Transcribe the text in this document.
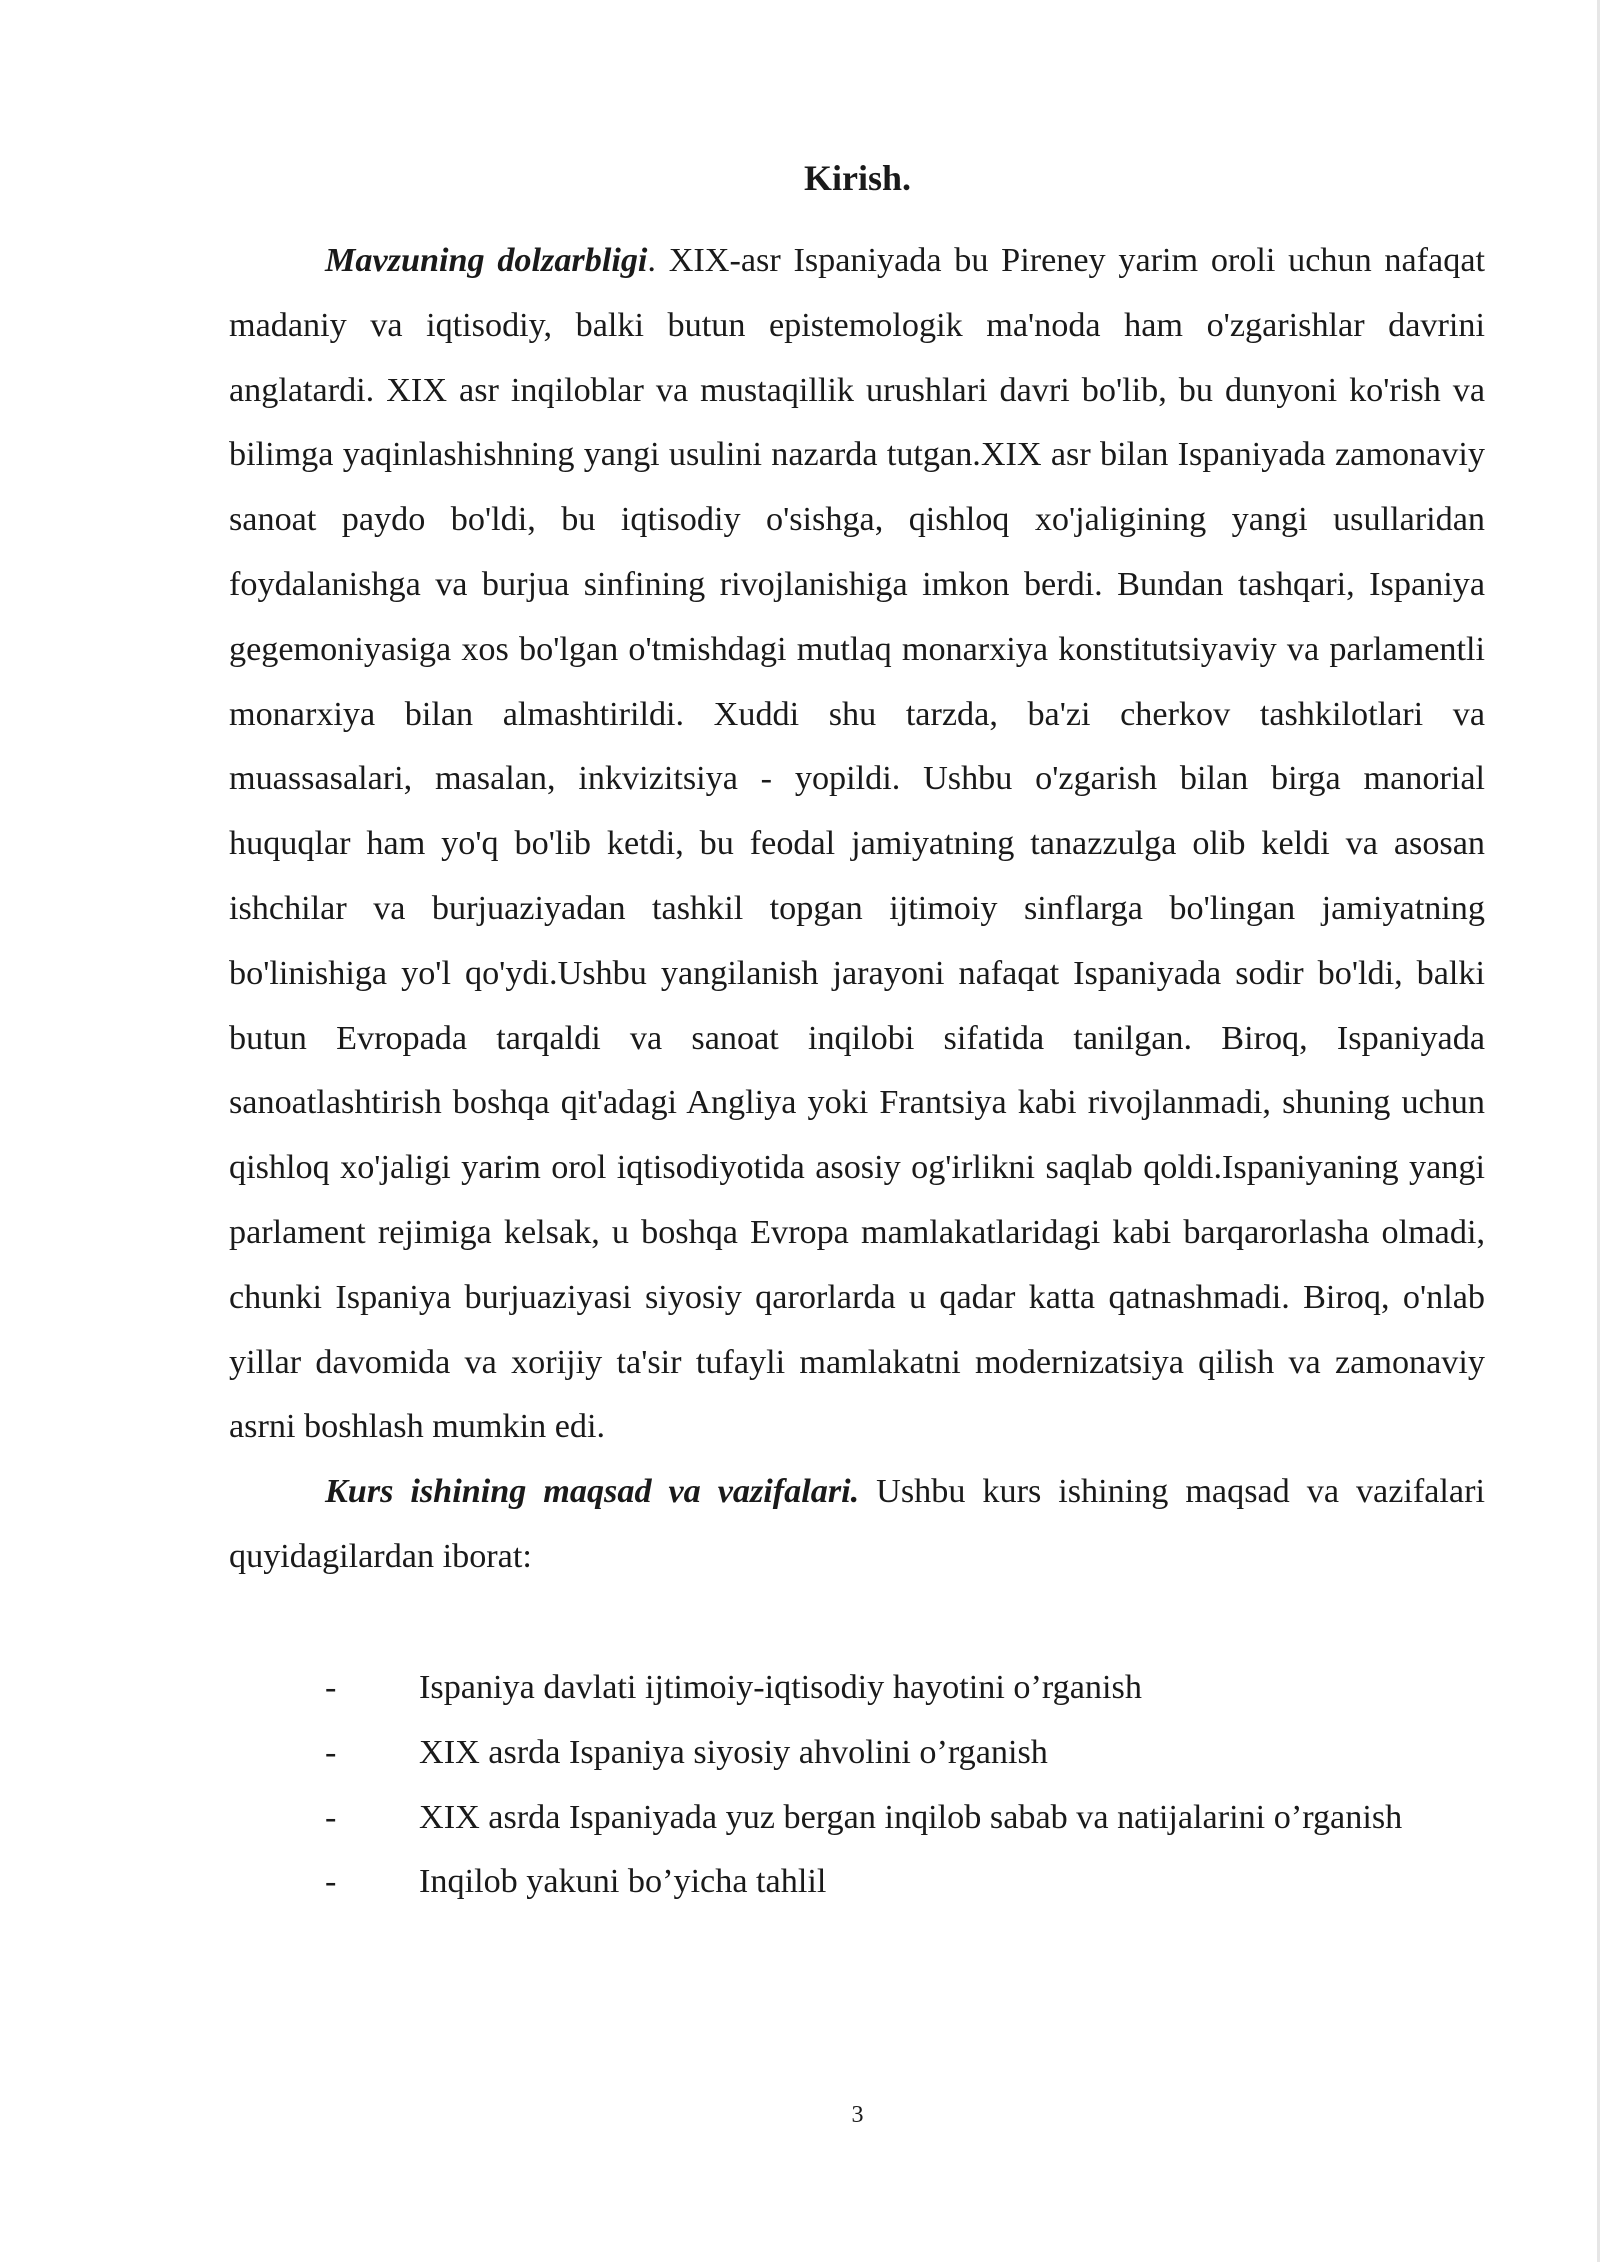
Kirish.

Mavzuning dolzarbligi. XIX-asr Ispaniyada bu Pireney yarim oroli uchun nafaqat madaniy va iqtisodiy, balki butun epistemologik ma'noda ham o'zgarishlar davrini anglatardi. XIX asr inqiloblar va mustaqillik urushlari davri bo'lib, bu dunyoni ko'rish va bilimga yaqinlashishning yangi usulini nazarda tutgan.XIX asr bilan Ispaniyada zamonaviy sanoat paydo bo'ldi, bu iqtisodiy o'sishga, qishloq xo'jaligining yangi usullaridan foydalanishga va burjua sinfining rivojlanishiga imkon berdi. Bundan tashqari, Ispaniya gegemoniyasiga xos bo'lgan o'tmishdagi mutlaq monarxiya konstitutsiyaviy va parlamentli monarxiya bilan almashtirildi. Xuddi shu tarzda, ba'zi cherkov tashkilotlari va muassasalari, masalan, inkvizitsiya - yopildi. Ushbu o'zgarish bilan birga manorial huquqlar ham yo'q bo'lib ketdi, bu feodal jamiyatning tanazzulga olib keldi va asosan ishchilar va burjuaziyadan tashkil topgan ijtimoiy sinflarga bo'lingan jamiyatning bo'linishiga yo'l qo'ydi.Ushbu yangilanish jarayoni nafaqat Ispaniyada sodir bo'ldi, balki butun Evropada tarqaldi va sanoat inqilobi sifatida tanilgan. Biroq, Ispaniyada sanoatlashtirish boshqa qit'adagi Angliya yoki Frantsiya kabi rivojlanmadi, shuning uchun qishloq xo'jaligi yarim orol iqtisodiyotida asosiy og'irlikni saqlab qoldi.Ispaniyaning yangi parlament rejimiga kelsak, u boshqa Evropa mamlakatlaridagi kabi barqarorlasha olmadi, chunki Ispaniya burjuaziyasi siyosiy qarorlarda u qadar katta qatnashmadi. Biroq, o'nlab yillar davomida va xorijiy ta'sir tufayli mamlakatni modernizatsiya qilish va zamonaviy asrni boshlash mumkin edi.

Kurs ishining maqsad va vazifalari. Ushbu kurs ishining maqsad va vazifalari quyidagilardan iborat:

- Ispaniya davlati ijtimoiy-iqtisodiy hayotini o’rganish
- XIX asrda Ispaniya siyosiy ahvolini o’rganish
- XIX asrda Ispaniyada yuz bergan inqilob sabab va natijalarini o’rganish
- Inqilob yakuni bo’yicha tahlil
3
